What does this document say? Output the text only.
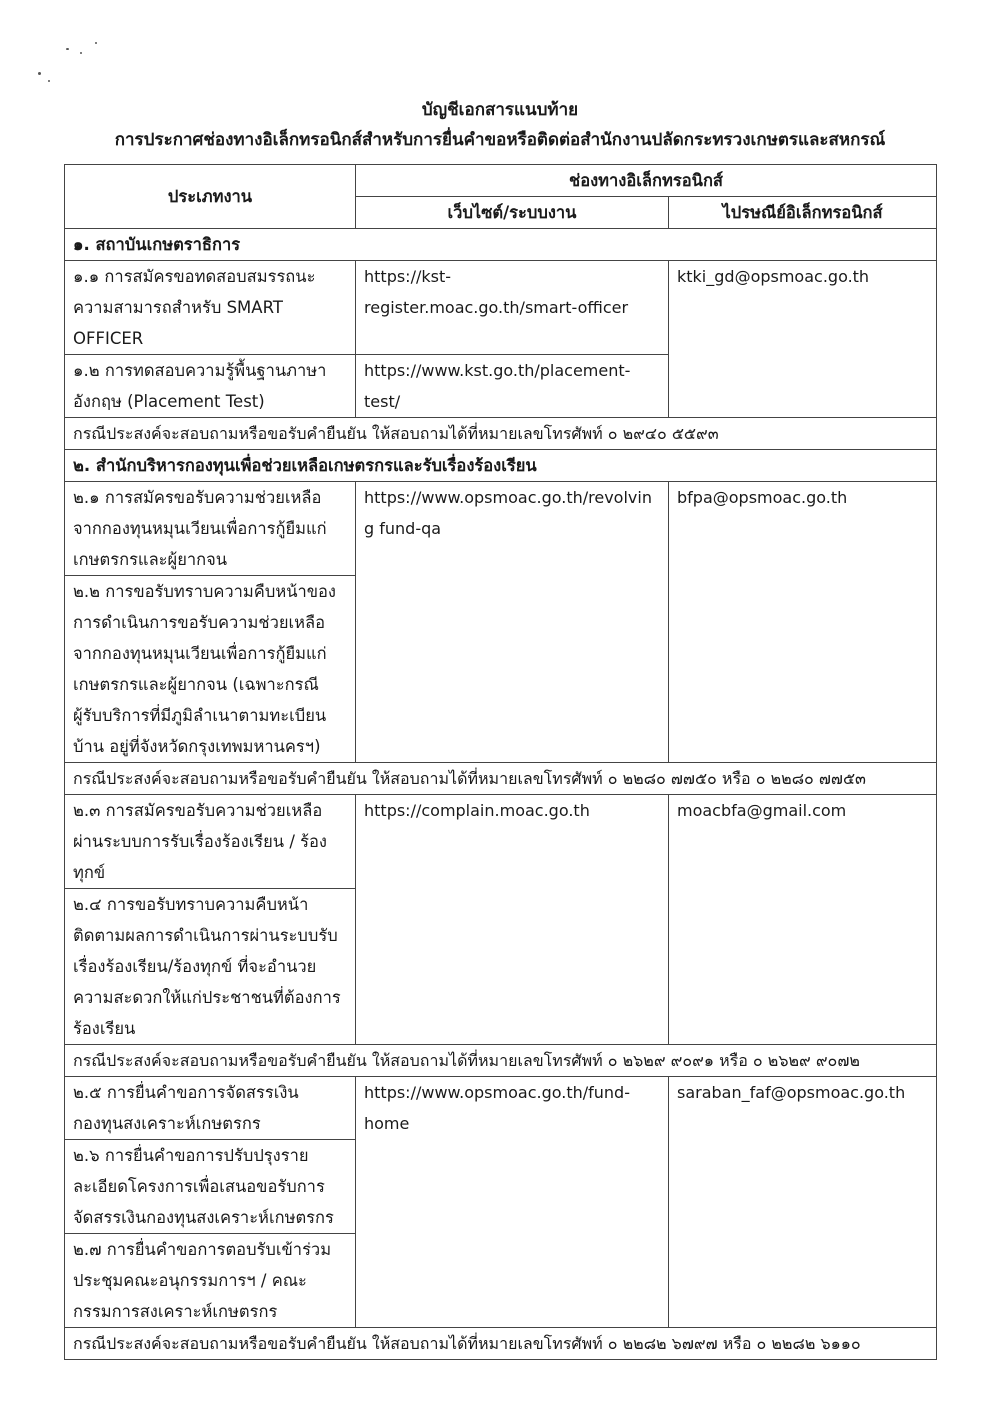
บัญชีเอกสารแนบท้าย
การประกาศช่องทางอิเล็กทรอนิกส์สำหรับการยื่นคำขอหรือติดต่อสำนักงานปลัดกระทรวงเกษตรและสหกรณ์
ประเภทงาน	ช่องทางอิเล็กทรอนิกส์	
	เว็บไซต์/ระบบงาน	ไปรษณีย์อิเล็กทรอนิกส์
๑. สถาบันเกษตราธิการ		
๑.๑ การสมัครขอทดสอบสมรรถนะความสามารถสำหรับ SMART OFFICER	https://kst-register.moac.go.th/smart-officer	ktki_gd@opsmoac.go.th
๑.๒ การทดสอบความรู้พื้นฐานภาษาอังกฤษ (Placement Test)	https://www.kst.go.th/placement-test/	
กรณีประสงค์จะสอบถามหรือขอรับคำยืนยัน ให้สอบถามได้ที่หมายเลขโทรศัพท์ ๐ ๒๙๔๐ ๕๕๙๓		
๒. สำนักบริหารกองทุนเพื่อช่วยเหลือเกษตรกรและรับเรื่องร้องเรียน		
๒.๑ การสมัครขอรับความช่วยเหลือจากกองทุนหมุนเวียนเพื่อการกู้ยืมแก่เกษตรกรและผู้ยากจน	https://www.opsmoac.go.th/revolving fund-qa	bfpa@opsmoac.go.th
๒.๒ การขอรับทราบความคืบหน้าของการดำเนินการขอรับความช่วยเหลือจากกองทุนหมุนเวียนเพื่อการกู้ยืมแก่เกษตรกรและผู้ยากจน (เฉพาะกรณีผู้รับบริการที่มีภูมิลำเนาตามทะเบียนบ้าน อยู่ที่จังหวัดกรุงเทพมหานครฯ)		
กรณีประสงค์จะสอบถามหรือขอรับคำยืนยัน ให้สอบถามได้ที่หมายเลขโทรศัพท์ ๐ ๒๒๘๐ ๗๗๕๐ หรือ ๐ ๒๒๘๐ ๗๗๕๓		
๒.๓ การสมัครขอรับความช่วยเหลือผ่านระบบการรับเรื่องร้องเรียน / ร้องทุกข์	https://complain.moac.go.th	moacbfa@gmail.com
๒.๔ การขอรับทราบความคืบหน้าติดตามผลการดำเนินการผ่านระบบรับเรื่องร้องเรียน/ร้องทุกข์ ที่จะอำนวยความสะดวกให้แก่ประชาชนที่ต้องการร้องเรียน		
กรณีประสงค์จะสอบถามหรือขอรับคำยืนยัน ให้สอบถามได้ที่หมายเลขโทรศัพท์ ๐ ๒๖๒๙ ๙๐๙๑ หรือ ๐ ๒๖๒๙ ๙๐๗๒		
๒.๕ การยื่นคำขอการจัดสรรเงินกองทุนสงเคราะห์เกษตรกร	https://www.opsmoac.go.th/fund-home	saraban_faf@opsmoac.go.th
๒.๖ การยื่นคำขอการปรับปรุงรายละเอียดโครงการเพื่อเสนอขอรับการจัดสรรเงินกองทุนสงเคราะห์เกษตรกร		
๒.๗ การยื่นคำขอการตอบรับเข้าร่วมประชุมคณะอนุกรรมการฯ / คณะกรรมการสงเคราะห์เกษตรกร		
กรณีประสงค์จะสอบถามหรือขอรับคำยืนยัน ให้สอบถามได้ที่หมายเลขโทรศัพท์ ๐ ๒๒๘๒ ๖๗๙๗ หรือ ๐ ๒๒๘๒ ๖๑๑๐		
